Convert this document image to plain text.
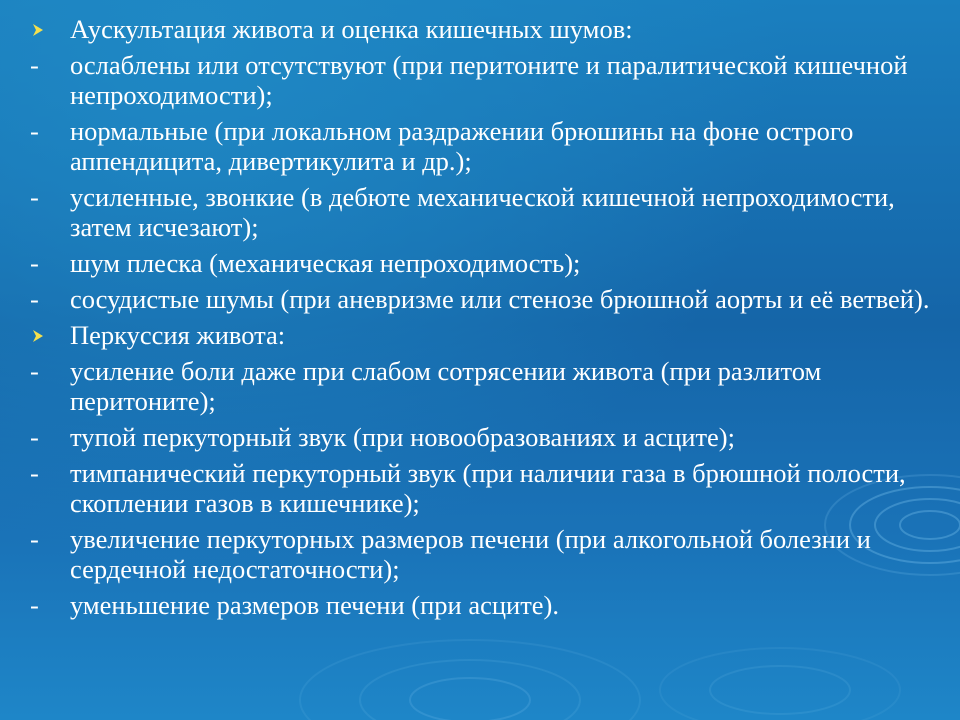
Аускультация живота и оценка кишечных шумов:
-	ослаблены или отсутствуют (при перитоните и паралитической кишечной непроходимости);
-	нормальные (при локальном раздражении брюшины на фоне острого аппендицита, дивертикулита и др.);
-	усиленные, звонкие (в дебюте механической кишечной непроходимости, затем исчезают);
-	шум плеска (механическая непроходимость);
-	сосудистые шумы (при аневризме или стенозе брюшной аорты и её ветвей).
Перкуссия живота:
-	усиление боли даже при слабом сотрясении живота (при разлитом перитоните);
-	тупой перкуторный звук (при новообразованиях и асците);
-	тимпанический перкуторный звук (при наличии газа в брюшной полости, скоплении газов в кишечнике);
-	увеличение перкуторных размеров печени (при алкогольной болезни и сердечной недостаточности);
-	уменьшение размеров печени (при асците).
